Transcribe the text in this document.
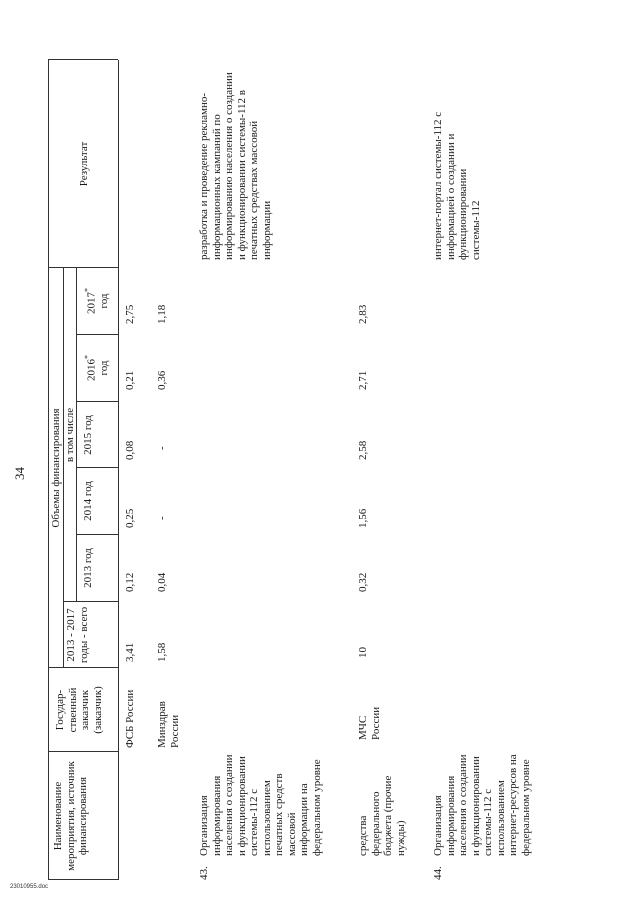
34
Наименование мероприятия, источник финансирования
Государ-ственный заказчик (заказчик)
Объемы финансирования
2013 - 2017 годы - всего
в том числе
2013 год
2014 год
2015 год
2016*
год
2017*
год
Результат
ФСБ России
3,41
0,12
0,25
0,08
0,21
2,75
разработка и проведение рекламно-информационных кампаний по информированию населения о создании и функционировании системы-112 в печатных средствах массовой информации
Минздрав России
1,58
0,04
-
-
0,36
1,18
43.
Организация информирования населения о создании и функционировании системы-112 с использованием печатных средств массовой информации на федеральном уровне	средства федерального бюджета (прочие нужды)
МЧС России
10
0,32
1,56
2,58
2,71
2,83
44.
Организация информирования населения о создании и функционировании системы-112 с использованием интернет-ресурсов на федеральном уровне
интернет-портал системы-112 с информацией о создании и функционировании системы-112
23010955.doc
